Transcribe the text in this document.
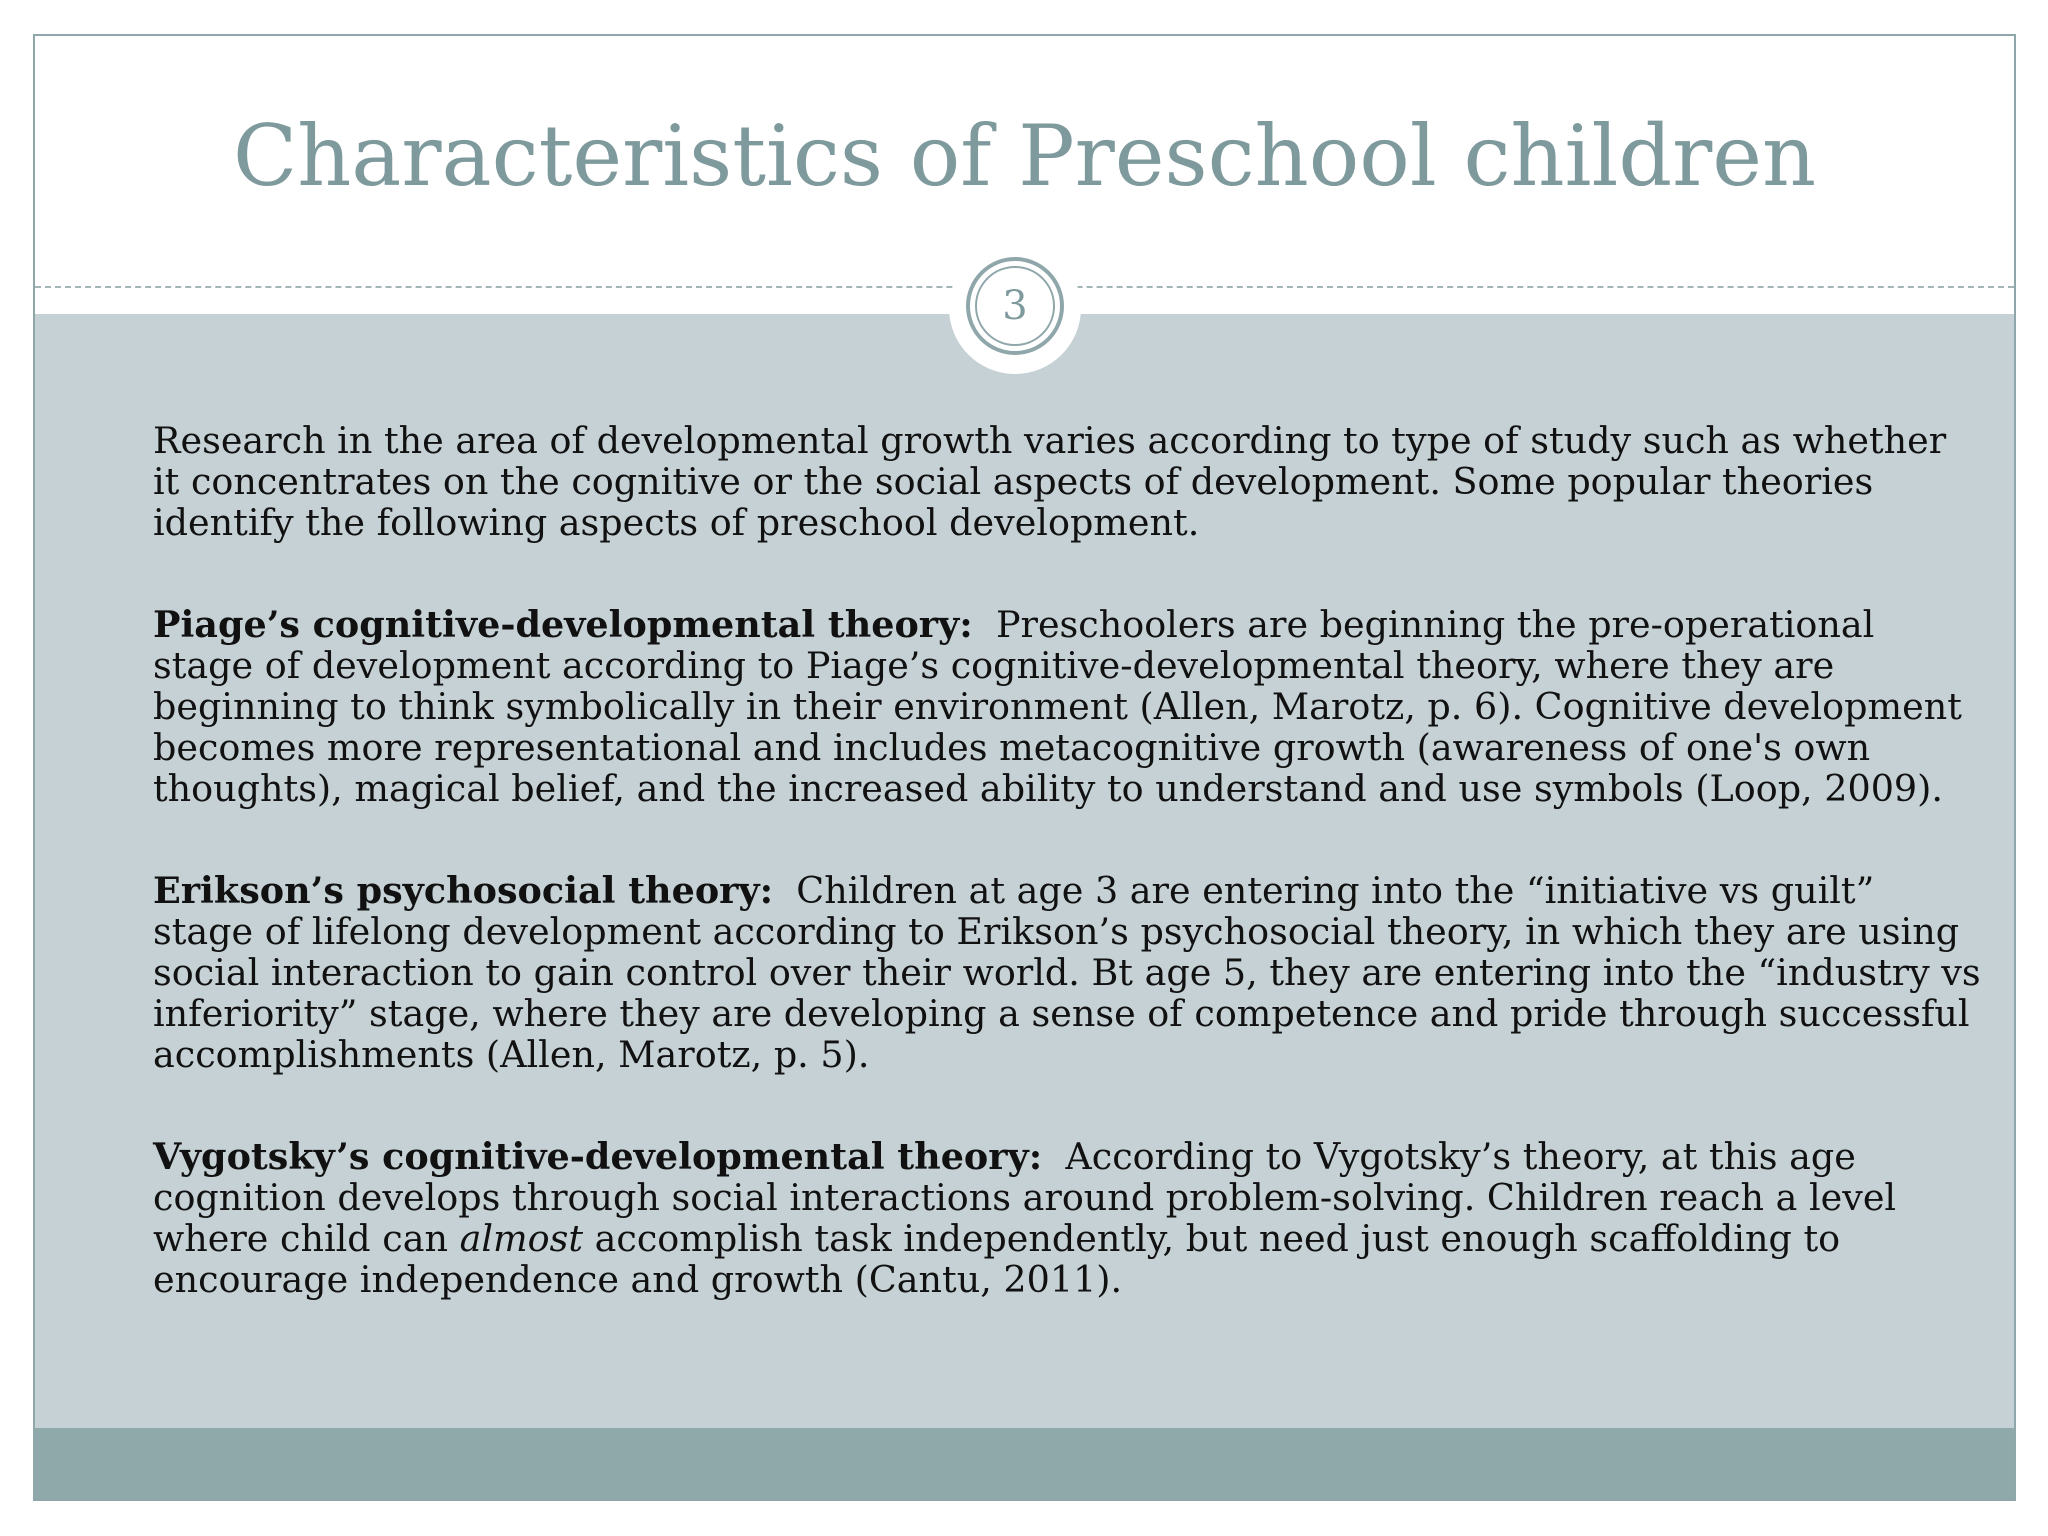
Characteristics of Preschool children
3

Research in the area of developmental growth varies according to type of study such as whether it concentrates on the cognitive or the social aspects of development. Some popular theories identify the following aspects of preschool development.

Piage’s cognitive-developmental theory: Preschoolers are beginning the pre-operational stage of development according to Piage’s cognitive-developmental theory, where they are beginning to think symbolically in their environment (Allen, Marotz, p. 6). Cognitive development becomes more representational and includes metacognitive growth (awareness of one's own thoughts), magical belief, and the increased ability to understand and use symbols (Loop, 2009).

Erikson’s psychosocial theory: Children at age 3 are entering into the “initiative vs guilt” stage of lifelong development according to Erikson’s psychosocial theory, in which they are using social interaction to gain control over their world. Bt age 5, they are entering into the “industry vs inferiority” stage, where they are developing a sense of competence and pride through successful accomplishments (Allen, Marotz, p. 5).

Vygotsky’s cognitive-developmental theory: According to Vygotsky’s theory, at this age cognition develops through social interactions around problem-solving. Children reach a level where child can almost accomplish task independently, but need just enough scaffolding to encourage independence and growth (Cantu, 2011).
